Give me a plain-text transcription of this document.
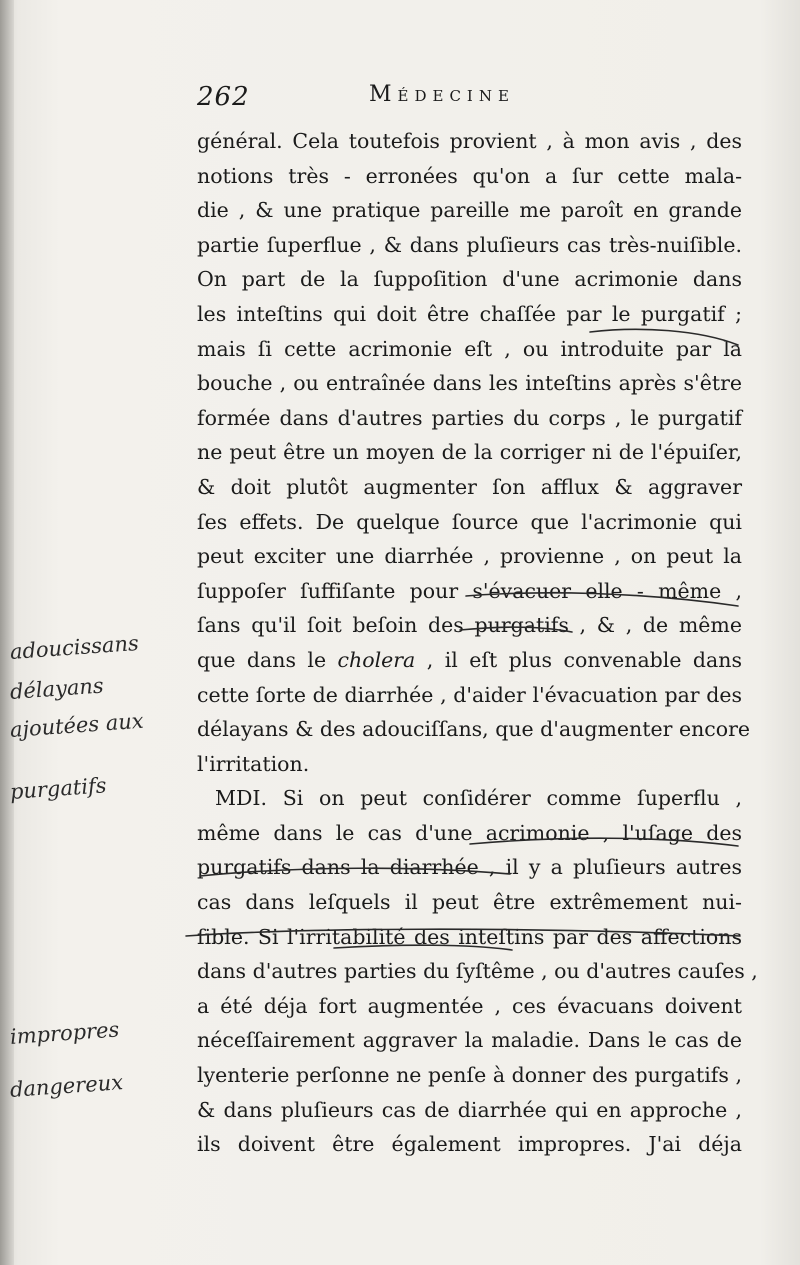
262	Médecine
général. Cela toutefois provient , à mon avis , des
notions très - erronées qu'on a ſur cette mala-
die , & une pratique pareille me paroît en grande
partie ſuperflue , & dans pluſieurs cas très-nuiſible.
On part de la ſuppoſition d'une acrimonie dans
les inteſtins qui doit être chaſſée par le purgatif ;
mais ſi cette acrimonie eſt , ou introduite par la
bouche , ou entraînée dans les inteſtins après s'être
formée dans d'autres parties du corps , le purgatif
ne peut être un moyen de la corriger ni de l'épuiſer,
& doit plutôt augmenter ſon afflux & aggraver
ſes effets. De quelque ſource que l'acrimonie qui
peut exciter une diarrhée , provienne , on peut la
ſuppoſer ſuffiſante pour s'évacuer elle - même ,
ſans qu'il ſoit beſoin des purgatifs , & , de même
que dans le cholera , il eſt plus convenable dans
cette ſorte de diarrhée , d'aider l'évacuation par des
délayans & des adouciſſans, que d'augmenter encore
l'irritation.
MDI. Si on peut conſidérer comme ſuperflu ,
même dans le cas d'une acrimonie , l'uſage des
purgatifs dans la diarrhée , il y a pluſieurs autres
cas dans leſquels il peut être extrêmement nui-
ſible. Si l'irritabilité des inteſtins par des affections
dans d'autres parties du ſyſtême , ou d'autres cauſes ,
a été déja fort augmentée , ces évacuans doivent
néceſſairement aggraver la maladie. Dans le cas de
lyenterie perſonne ne penſe à donner des purgatifs ,
& dans pluſieurs cas de diarrhée qui en approche ,
ils doivent être également impropres. J'ai déja
adoucissans
délayans
ajoutées aux
purgatifs
impropres
dangereux
